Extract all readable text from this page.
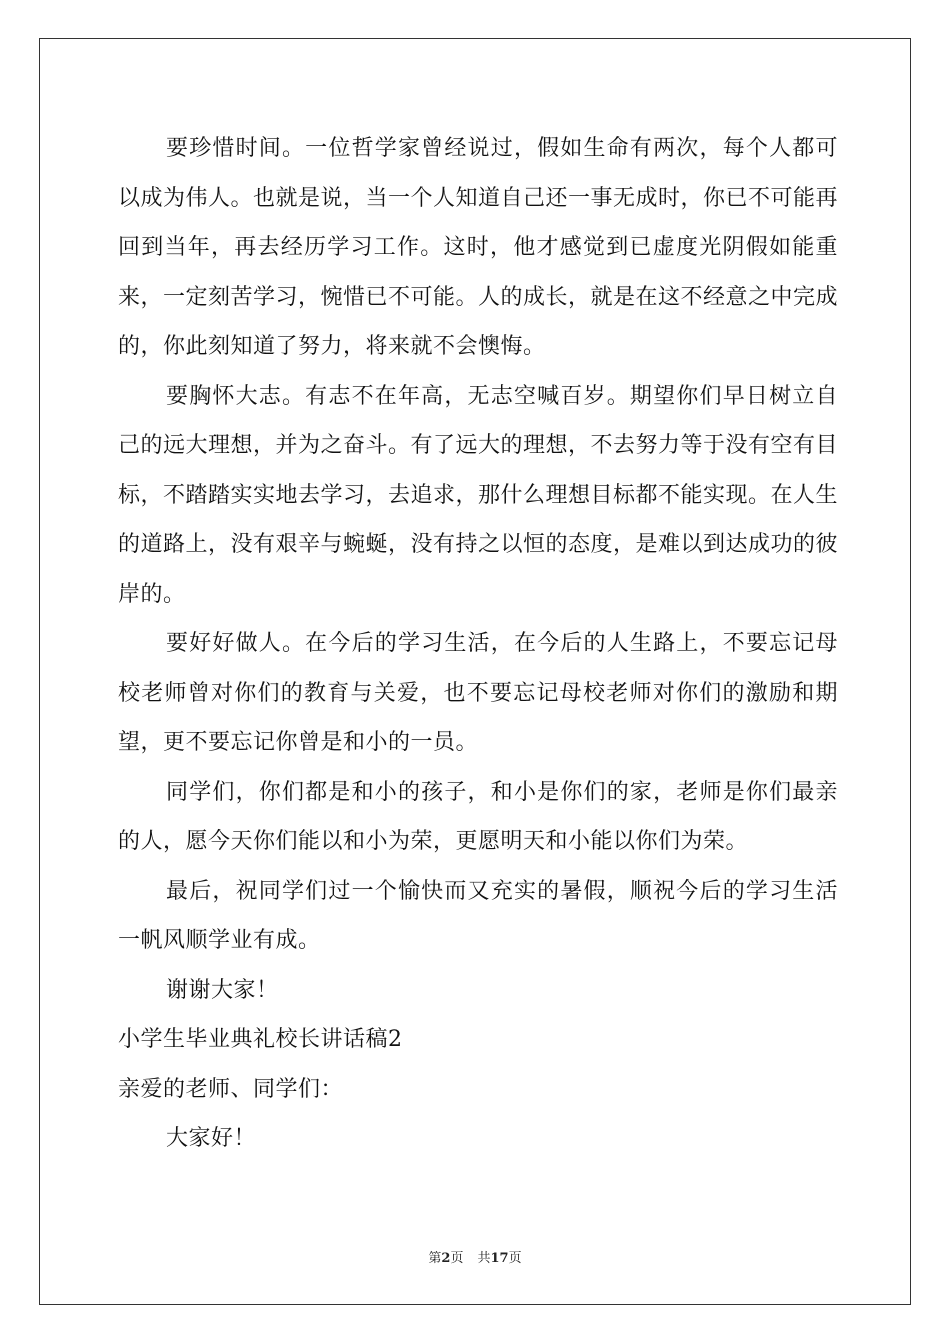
要珍惜时间。一位哲学家曾经说过，假如生命有两次，每个人都可以成为伟人。也就是说，当一个人知道自己还一事无成时，你已不可能再回到当年，再去经历学习工作。这时，他才感觉到已虚度光阴假如能重来，一定刻苦学习，惋惜已不可能。人的成长，就是在这不经意之中完成的，你此刻知道了努力，将来就不会懊悔。

要胸怀大志。有志不在年高，无志空喊百岁。期望你们早日树立自己的远大理想，并为之奋斗。有了远大的理想，不去努力等于没有空有目标，不踏踏实实地去学习，去追求，那什么理想目标都不能实现。在人生的道路上，没有艰辛与蜿蜒，没有持之以恒的态度，是难以到达成功的彼岸的。

要好好做人。在今后的学习生活，在今后的人生路上，不要忘记母校老师曾对你们的教育与关爱，也不要忘记母校老师对你们的激励和期望，更不要忘记你曾是和小的一员。

同学们，你们都是和小的孩子，和小是你们的家，老师是你们最亲的人，愿今天你们能以和小为荣，更愿明天和小能以你们为荣。

最后，祝同学们过一个愉快而又充实的暑假，顺祝今后的学习生活一帆风顺学业有成。

谢谢大家！

小学生毕业典礼校长讲话稿2

亲爱的老师、同学们：

大家好！

第2页 共17页
